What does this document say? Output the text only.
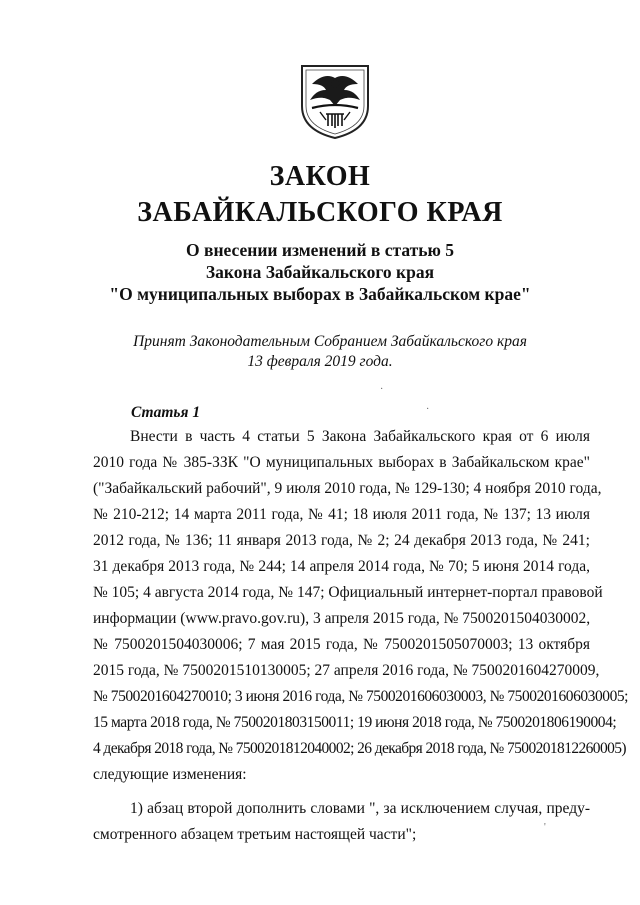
ЗАКОН
ЗАБАЙКАЛЬСКОГО КРАЯ
О внесении изменений в статью 5
Закона Забайкальского края
"О муниципальных выборах в Забайкальском крае"
Принят Законодательным Собранием Забайкальского края
13 февраля 2019 года.
Статья 1
Внести в часть 4 статьи 5 Закона Забайкальского края от 6 июля
2010 года № 385-ЗЗК "О муниципальных выборах в Забайкальском крае"
("Забайкальский рабочий", 9 июля 2010 года, № 129-130; 4 ноября 2010 года,
№ 210-212; 14 марта 2011 года, № 41; 18 июля 2011 года, № 137; 13 июля
2012 года, № 136; 11 января 2013 года, № 2; 24 декабря 2013 года, № 241;
31 декабря 2013 года, № 244; 14 апреля 2014 года, № 70; 5 июня 2014 года,
№ 105; 4 августа 2014 года, № 147; Официальный интернет-портал правовой
информации (www.pravo.gov.ru), 3 апреля 2015 года, № 7500201504030002,
№ 7500201504030006; 7 мая 2015 года, № 7500201505070003; 13 октября
2015 года, № 7500201510130005; 27 апреля 2016 года, № 7500201604270009,
№ 7500201604270010; 3 июня 2016 года, № 7500201606030003, № 7500201606030005;
15 марта 2018 года, № 7500201803150011; 19 июня 2018 года, № 7500201806190004;
4 декабря 2018 года, № 7500201812040002; 26 декабря 2018 года, № 7500201812260005)
следующие изменения:
1) абзац второй дополнить словами ", за исключением случая, преду-
смотренного абзацем третьим настоящей части";	'
·
·
